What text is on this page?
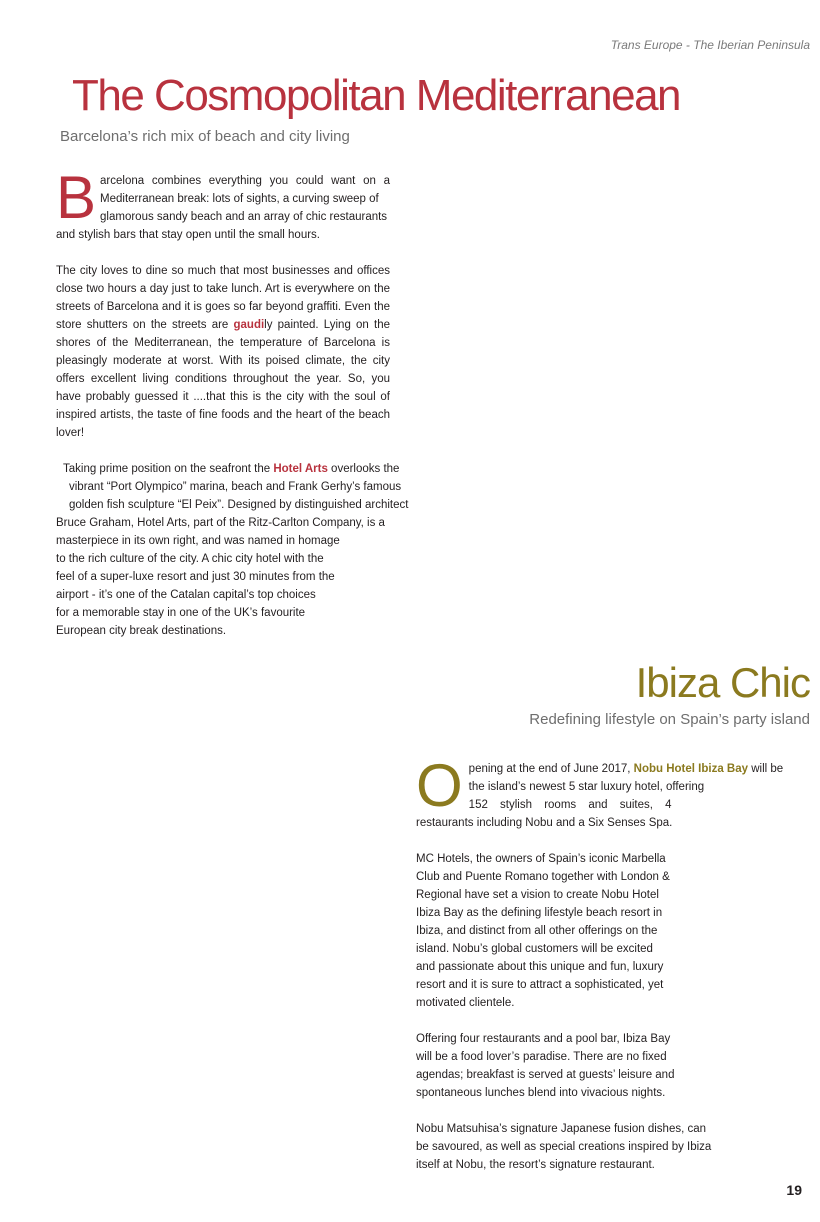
Trans Europe - The Iberian Peninsula
The Cosmopolitan Mediterranean
Barcelona’s rich mix of beach and city living
B arcelona combines everything you could want on a
Mediterranean break: lots of sights, a curving sweep of
glamorous sandy beach and an array of chic restaurants
and stylish bars that stay open until the small hours.

The city loves to dine so much that most businesses and offices close two hours a day just to take lunch. Art is everywhere on the streets of Barcelona and it is goes so far beyond graffiti. Even the store shutters on the streets are gaudily painted. Lying on the shores of the Mediterranean, the temperature of Barcelona is pleasingly moderate at worst. With its poised climate, the city offers excellent living conditions throughout the year. So, you have probably guessed it ....that this is the city with the soul of inspired artists, the taste of fine foods and the heart of the beach lover!

Taking prime position on the seafront the Hotel Arts overlooks the
vibrant “Port Olympico” marina, beach and Frank Gerhy’s famous
golden fish sculpture “El Peix”. Designed by distinguished architect
Bruce Graham, Hotel Arts, part of the Ritz-Carlton Company, is a
masterpiece in its own right, and was named in homage
to the rich culture of the city. A chic city hotel with the
feel of a super-luxe resort and just 30 minutes from the
airport - it’s one of the Catalan capital’s top choices
for a memorable stay in one of the UK’s favourite
European city break destinations.
Ibiza Chic
Redefining lifestyle on Spain’s party island
O pening at the end of June 2017, Nobu Hotel Ibiza Bay will be
the island’s newest 5 star luxury hotel, offering
152 stylish rooms and suites, 4
restaurants including Nobu and a Six Senses Spa.
MC Hotels, the owners of Spain’s iconic Marbella
Club and Puente Romano together with London &
Regional have set a vision to create Nobu Hotel
Ibiza Bay as the defining lifestyle beach resort in
Ibiza, and distinct from all other offerings on the
island. Nobu’s global customers will be excited
and passionate about this unique and fun, luxury
resort and it is sure to attract a sophisticated, yet
motivated clientele.
Offering four restaurants and a pool bar, Ibiza Bay
will be a food lover’s paradise. There are no fixed
agendas; breakfast is served at guests’ leisure and
spontaneous lunches blend into vivacious nights.
Nobu Matsuhisa’s signature Japanese fusion dishes, can
be savoured, as well as special creations inspired by Ibiza
itself at Nobu, the resort’s signature restaurant.
19
